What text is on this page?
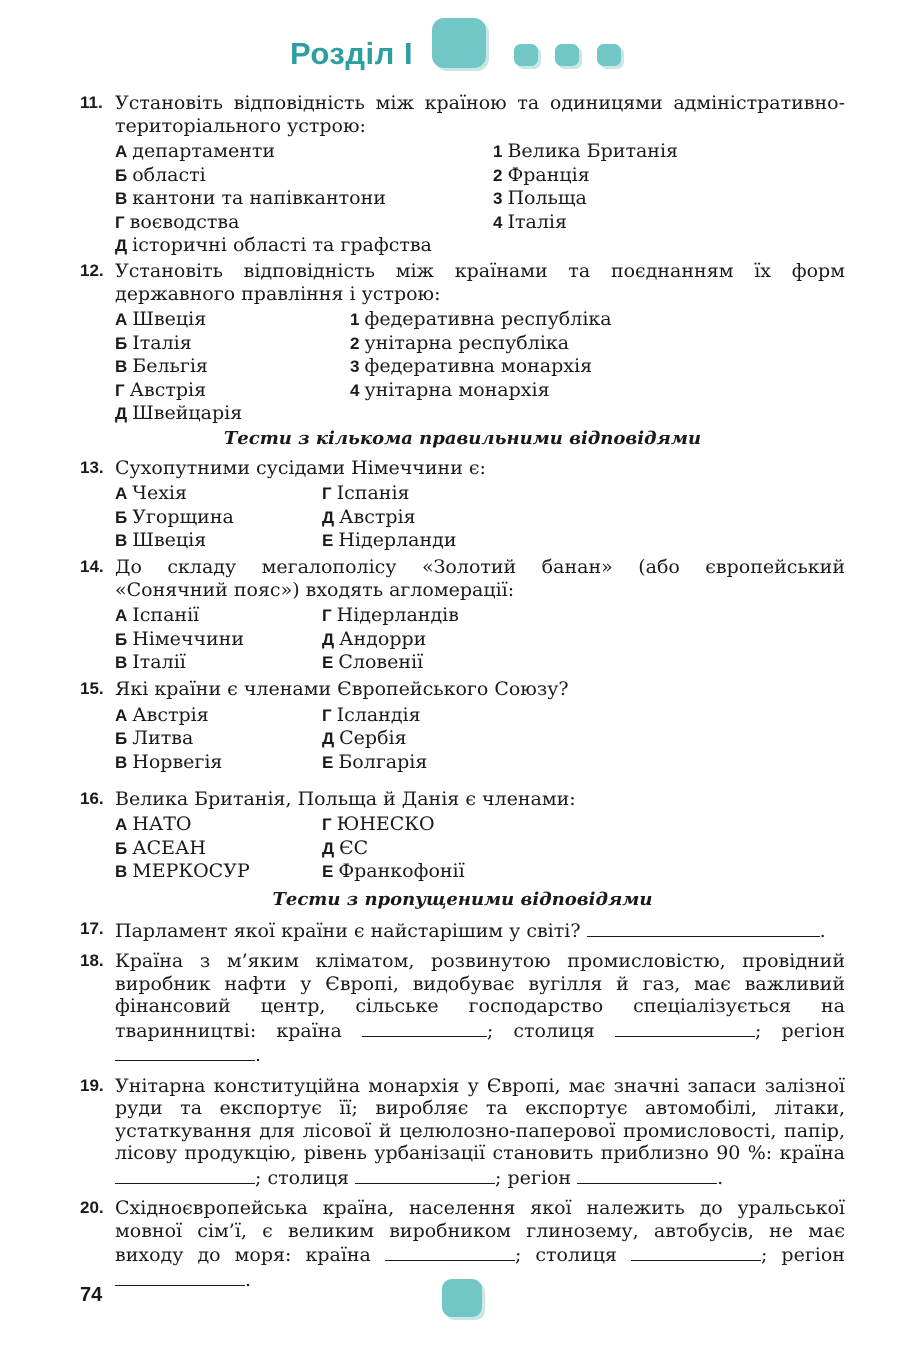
Розділ I
11. Установіть відповідність між країною та одиницями адміністративно-територіального устрою:
А департаменти
Б області
В кантони та напівкантони
Г воєводства
Д історичні області та графства
1 Велика Британія
2 Франція
3 Польща
4 Італія
12. Установіть відповідність між країнами та поєднанням їх форм державного правління і устрою:
А Швеція
Б Італія
В Бельгія
Г Австрія
Д Швейцарія
1 федеративна республіка
2 унітарна республіка
3 федеративна монархія
4 унітарна монархія
Тести з кількома правильними відповідями
13. Сухопутними сусідами Німеччини є:
А Чехія
Б Угорщина
В Швеція
Г Іспанія
Д Австрія
Е Нідерланди
14. До складу мегалополісу «Золотий банан» (або європейський «Сонячний пояс») входять агломерації:
А Іспанії
Б Німеччини
В Італії
Г Нідерландів
Д Андорри
Е Словенії
15. Які країни є членами Європейського Союзу?
А Австрія
Б Литва
В Норвегія
Г Ісландія
Д Сербія
Е Болгарія
16. Велика Британія, Польща й Данія є членами:
А НАТО
Б АСЕАН
В МЕРКОСУР
Г ЮНЕСКО
Д ЄС
Е Франкофонії
Тести з пропущеними відповідями
17. Парламент якої країни є найстарішим у світі?	.
18. Країна з м’яким кліматом, розвинутою промисловістю, провідний виробник нафти у Європі, видобуває вугілля й газ, має важливий фінансовий центр, сільське господарство спеціалізується на тваринництві: країна	; столиця	; регіон .
19. Унітарна конституційна монархія у Європі, має значні запаси залізної руди та експортує її; виробляє та експортує автомобілі, літаки, устаткування для лісової й целюлозно-паперової промисловості, папір, лісову продукцію, рівень урбанізації становить приблизно 90 %: країна ; столиця	; регіон	.
20. Східноєвропейська країна, населення якої належить до уральської мовної сім’ї, є великим виробником глинозему, автобусів, не має виходу до моря: країна	; столиця	; регіон .
74
